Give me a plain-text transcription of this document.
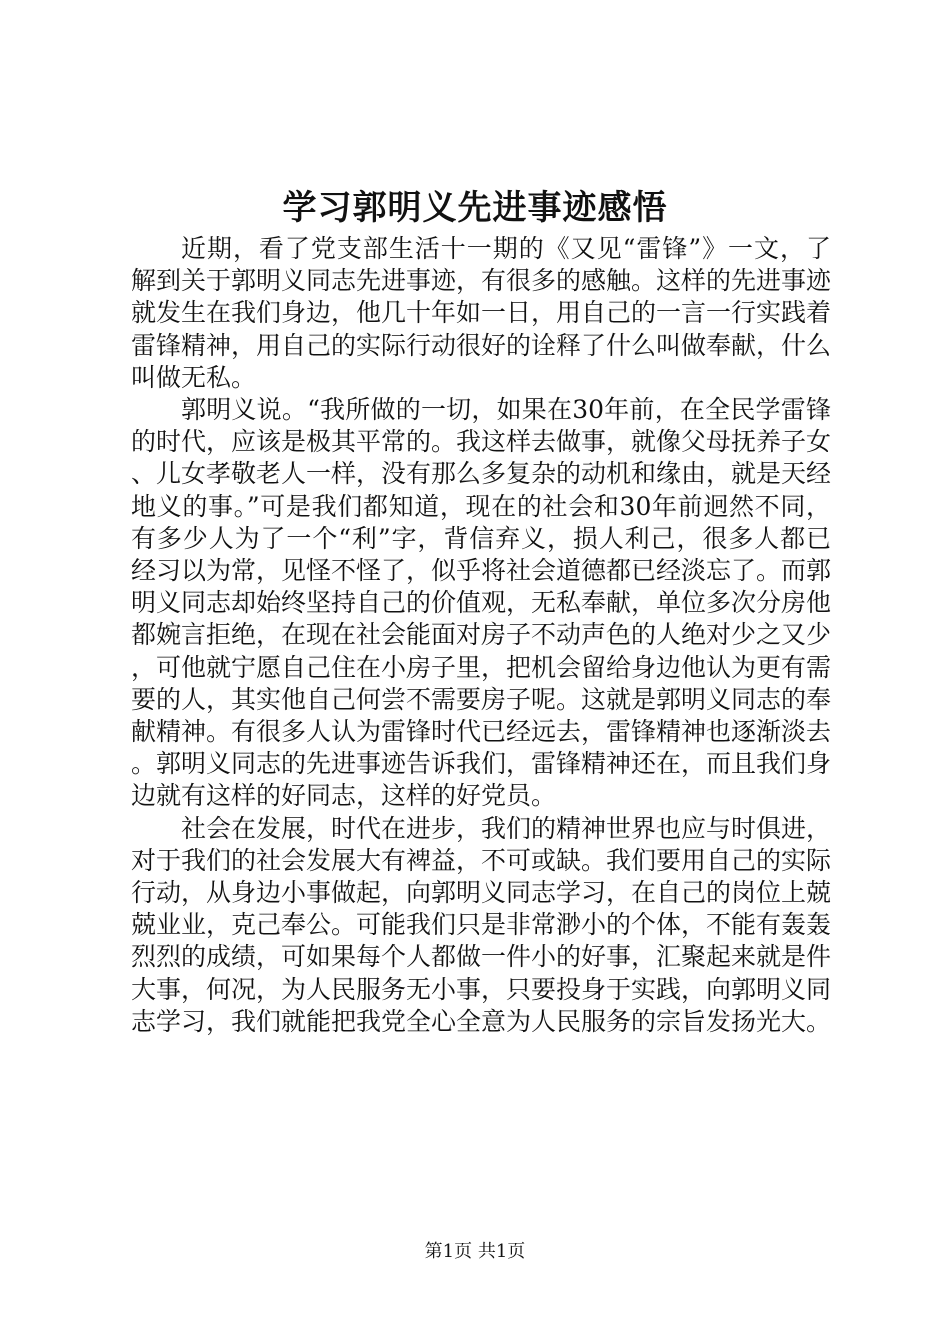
学习郭明义先进事迹感悟

近期，看了党支部生活十一期的《又见“雷锋”》一文，了解到关于郭明义同志先进事迹，有很多的感触。这样的先进事迹就发生在我们身边，他几十年如一日，用自己的一言一行实践着雷锋精神，用自己的实际行动很好的诠释了什么叫做奉献，什么叫做无私。

郭明义说。“我所做的一切，如果在30年前，在全民学雷锋的时代，应该是极其平常的。我这样去做事，就像父母抚养子女、儿女孝敬老人一样，没有那么多复杂的动机和缘由，就是天经地义的事。”可是我们都知道，现在的社会和30年前迥然不同，有多少人为了一个“利”字，背信弃义，损人利己，很多人都已经习以为常，见怪不怪了，似乎将社会道德都已经淡忘了。而郭明义同志却始终坚持自己的价值观，无私奉献，单位多次分房他都婉言拒绝，在现在社会能面对房子不动声色的人绝对少之又少，可他就宁愿自己住在小房子里，把机会留给身边他认为更有需要的人，其实他自己何尝不需要房子呢。这就是郭明义同志的奉献精神。有很多人认为雷锋时代已经远去，雷锋精神也逐渐淡去。郭明义同志的先进事迹告诉我们，雷锋精神还在，而且我们身边就有这样的好同志，这样的好党员。

社会在发展，时代在进步，我们的精神世界也应与时俱进，对于我们的社会发展大有裨益，不可或缺。我们要用自己的实际行动，从身边小事做起，向郭明义同志学习，在自己的岗位上兢兢业业，克己奉公。可能我们只是非常渺小的个体，不能有轰轰烈烈的成绩，可如果每个人都做一件小的好事，汇聚起来就是件大事，何况，为人民服务无小事，只要投身于实践，向郭明义同志学习，我们就能把我党全心全意为人民服务的宗旨发扬光大。

第1页 共1页
